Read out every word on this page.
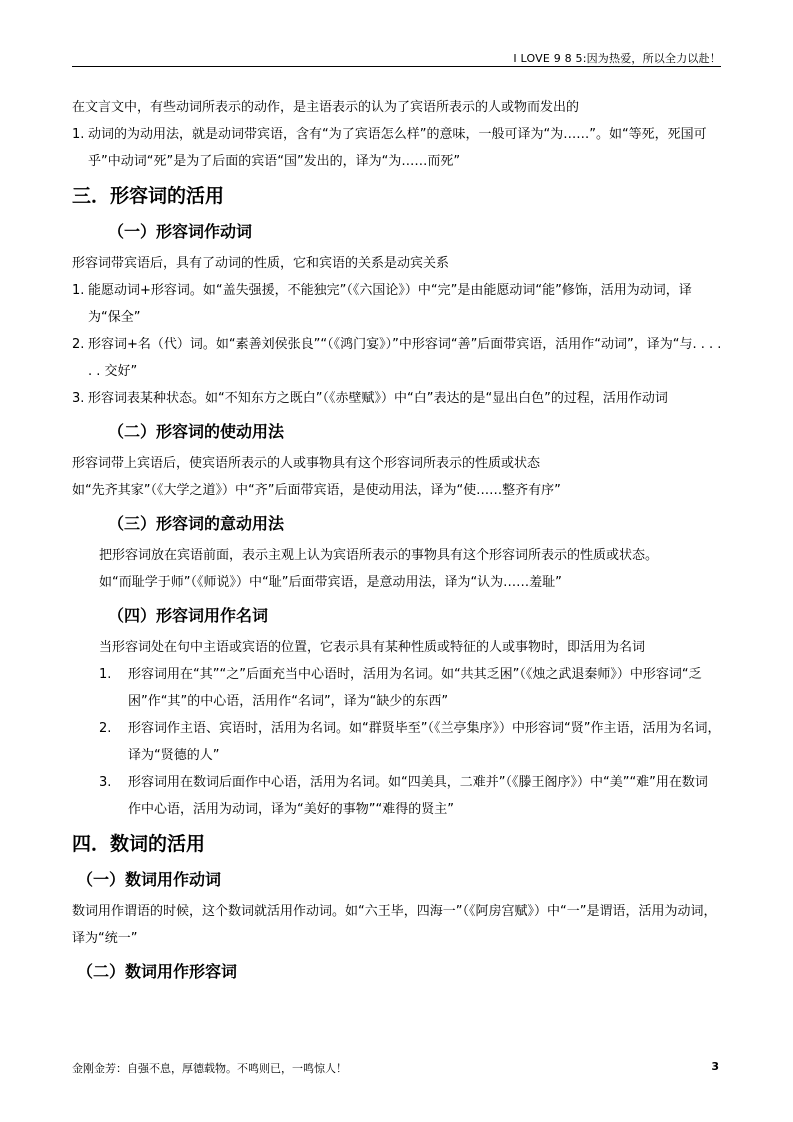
I LOVE 9 8 5:因为热爱，所以全力以赴！

在文言文中，有些动词所表示的动作，是主语表示的认为了宾语所表示的人或物而发出的

1. 动词的为动用法，就是动词带宾语，含有“为了宾语怎么样”的意味，一般可译为“为……”。如“等死，死国可乎”中动词“死”是为了后面的宾语“国”发出的，译为“为……而死”
三．形容词的活用
（一）形容词作动词

形容词带宾语后，具有了动词的性质，它和宾语的关系是动宾关系

1. 能愿动词+形容词。如“盖失强援，不能独完”（《六国论》）中“完”是由能愿动词“能”修饰，活用为动词，译为“保全”
2. 形容词+名（代）词。如“素善刘侯张良”“（《鸿门宴》）”中形容词“善”后面带宾语，活用作“动词”，译为“与. . . . . . 交好”
3. 形容词表某种状态。如“不知东方之既白”（《赤壁赋》）中“白”表达的是“显出白色”的过程，活用作动词
（二）形容词的使动用法

形容词带上宾语后，使宾语所表示的人或事物具有这个形容词所表示的性质或状态

如“先齐其家”（《大学之道》）中“齐”后面带宾语，是使动用法，译为“使……整齐有序”

（三）形容词的意动用法

把形容词放在宾语前面，表示主观上认为宾语所表示的事物具有这个形容词所表示的性质或状态。

如“而耻学于师”（《师说》）中“耻”后面带宾语，是意动用法，译为“认为……羞耻”

（四）形容词用作名词

当形容词处在句中主语或宾语的位置，它表示具有某种性质或特征的人或事物时，即活用为名词

1.	形容词用在“其”“之”后面充当中心语时，活用为名词。如“共其乏困”（《烛之武退秦师》）中形容词“乏困”作“其”的中心语，活用作“名词”，译为“缺少的东西”
2.	形容词作主语、宾语时，活用为名词。如“群贤毕至”（《兰亭集序》）中形容词“贤”作主语，活用为名词，译为“贤德的人”
3.	形容词用在数词后面作中心语，活用为名词。如“四美具，二难并”（《滕王阁序》）中“美”“难”用在数词 作中心语，活用为动词，译为“美好的事物”“难得的贤主”
四．数词的活用
（一）数词用作动词

数词用作谓语的时候，这个数词就活用作动词。如“六王毕，四海一”（《阿房宫赋》）中“一”是谓语，活用为动词，译为“统一”

（二）数词用作形容词
金刚金芳：自强不息，厚德载物。不鸣则已，一鸣惊人！	3
